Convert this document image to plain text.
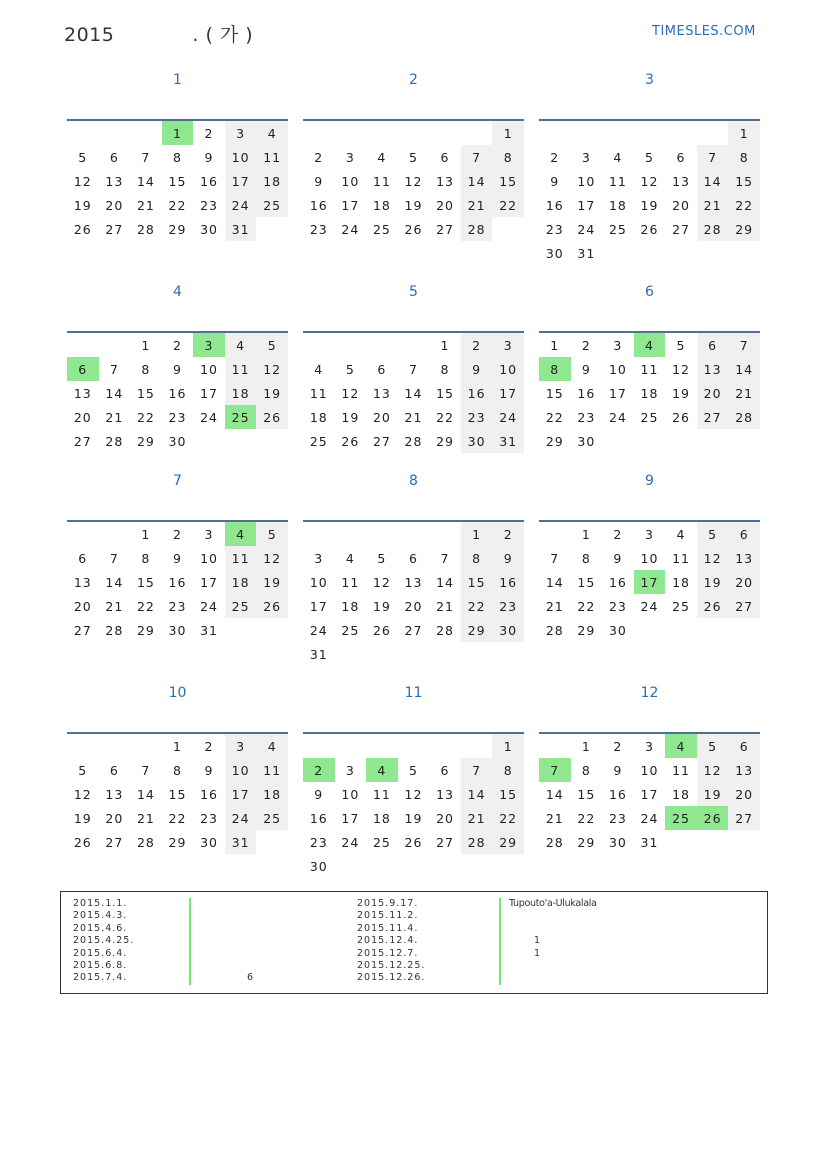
2015	. ( 가 )	TIMESLES.COM
1
			1	2	3	4
5	6	7	8	9	10	11
12	13	14	15	16	17	18
19	20	21	22	23	24	25
26	27	28	29	30	31	
2
						1
2	3	4	5	6	7	8
9	10	11	12	13	14	15
16	17	18	19	20	21	22
23	24	25	26	27	28	
3
						1
2	3	4	5	6	7	8
9	10	11	12	13	14	15
16	17	18	19	20	21	22
23	24	25	26	27	28	29
30	31					
4
		1	2	3	4	5
6	7	8	9	10	11	12
13	14	15	16	17	18	19
20	21	22	23	24	25	26
27	28	29	30			
5
				1	2	3
4	5	6	7	8	9	10
11	12	13	14	15	16	17
18	19	20	21	22	23	24
25	26	27	28	29	30	31
6
1	2	3	4	5	6	7
8	9	10	11	12	13	14
15	16	17	18	19	20	21
22	23	24	25	26	27	28
29	30					
7
		1	2	3	4	5
6	7	8	9	10	11	12
13	14	15	16	17	18	19
20	21	22	23	24	25	26
27	28	29	30	31		
8
					1	2
3	4	5	6	7	8	9
10	11	12	13	14	15	16
17	18	19	20	21	22	23
24	25	26	27	28	29	30
31						
9
	1	2	3	4	5	6
7	8	9	10	11	12	13
14	15	16	17	18	19	20
21	22	23	24	25	26	27
28	29	30				
10
			1	2	3	4
5	6	7	8	9	10	11
12	13	14	15	16	17	18
19	20	21	22	23	24	25
26	27	28	29	30	31	
11
						1
2	3	4	5	6	7	8
9	10	11	12	13	14	15
16	17	18	19	20	21	22
23	24	25	26	27	28	29
30						
12
	1	2	3	4	5	6
7	8	9	10	11	12	13
14	15	16	17	18	19	20
21	22	23	24	25	26	27
28	29	30	31			
2015.1.1.
2015.4.3.
2015.4.6.
2015.4.25.
2015.6.4.
2015.6.8.
2015.7.4.	6
2015.9.17.	Tupouto'a-Ulukalala
2015.11.2.
2015.11.4.
2015.12.4.	1
2015.12.7.	1
2015.12.25.
2015.12.26.
